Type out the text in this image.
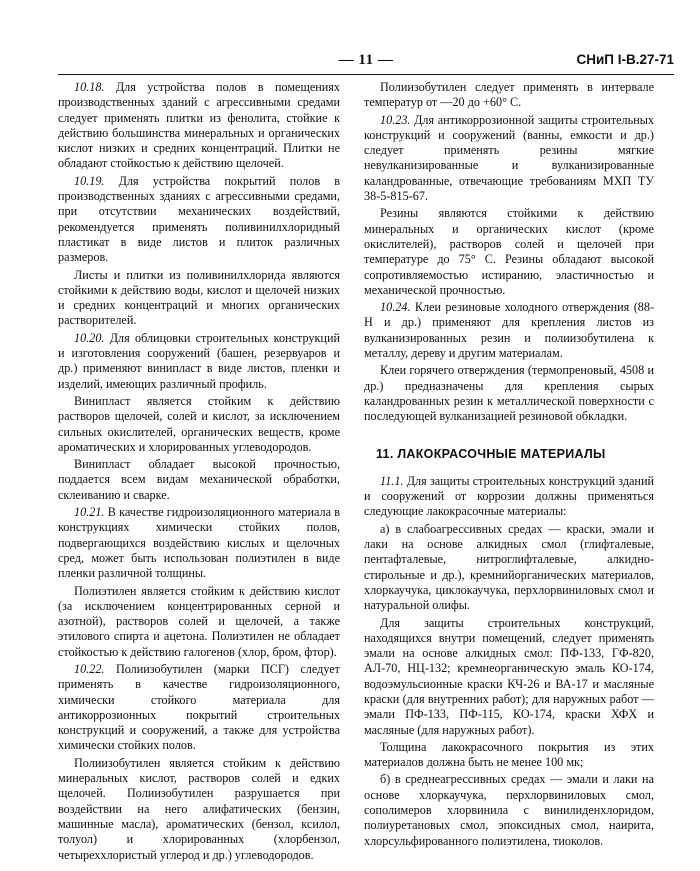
— 11 —	СНиП I-В.27-71

10.18. Для устройства полов в помещениях производственных зданий с агрессивными средами следует применять плитки из фенолита, стойкие к действию большинства минеральных и органических кислот низких и средних концентраций. Плитки не обладают стойкостью к действию щелочей.

10.19. Для устройства покрытий полов в производственных зданиях с агрессивными средами, при отсутствии механических воздействий, рекомендуется применять поливинилхлоридный пластикат в виде листов и плиток различных размеров.

Листы и плитки из поливинилхлорида являются стойкими к действию воды, кислот и щелочей низких и средних концентраций и многих органических растворителей.

10.20. Для облицовки строительных конструкций и изготовления сооружений (башен, резервуаров и др.) применяют винипласт в виде листов, пленки и изделий, имеющих различный профиль.

Винипласт является стойким к действию растворов щелочей, солей и кислот, за исключением сильных окислителей, органических веществ, кроме ароматических и хлорированных углеводородов.

Винипласт обладает высокой прочностью, поддается всем видам механической обработки, склеиванию и сварке.

10.21. В качестве гидроизоляционного материала в конструкциях химически стойких полов, подвергающихся воздействию кислых и щелочных сред, может быть использован полиэтилен в виде пленки различной толщины.

Полиэтилен является стойким к действию кислот (за исключением концентрированных серной и азотной), растворов солей и щелочей, а также этилового спирта и ацетона. Полиэтилен не обладает стойкостью к действию галогенов (хлор, бром, фтор).

10.22. Полиизобутилен (марки ПСГ) следует применять в качестве гидроизоляционного, химически стойкого материала для антикоррозионных покрытий строительных конструкций и сооружений, а также для устройства химически стойких полов.

Полиизобутилен является стойким к действию минеральных кислот, растворов солей и едких щелочей. Полиизобутилен разрушается при воздействии на него алифатических (бензин, машинные масла), ароматических (бензол, ксилол, толуол) и хлорированных (хлорбензол, четыреххлористый углерод и др.) углеводородов.

Полиизобутилен следует применять в интервале температур от —20 до +60° С.

10.23. Для антикоррозионной защиты строительных конструкций и сооружений (ванны, емкости и др.) следует применять резины мягкие невулканизированные и вулканизированные каландрованные, отвечающие требованиям МХП ТУ 38-5-815-67.

Резины являются стойкими к действию минеральных и органических кислот (кроме окислителей), растворов солей и щелочей при температуре до 75° С. Резины обладают высокой сопротивляемостью истиранию, эластичностью и механической прочностью.

10.24. Клеи резиновые холодного отверждения (88-Н и др.) применяют для крепления листов из вулканизированных резин и полиизобутилена к металлу, дереву и другим материалам.

Клеи горячего отверждения (термопреновый, 4508 и др.) предназначены для крепления сырых каландрованных резин к металлической поверхности с последующей вулканизацией резиновой обкладки.

11. ЛАКОКРАСОЧНЫЕ МАТЕРИАЛЫ

11.1. Для защиты строительных конструкций зданий и сооружений от коррозии должны применяться следующие лакокрасочные материалы:

а) в слабоагрессивных средах — краски, эмали и лаки на основе алкидных смол (глифталевые, пентафталевые, нитроглифталевые, алкидно-стирольные и др.), кремнийорганических материалов, хлоркаучука, циклокаучука, перхлорвиниловых смол и натуральной олифы.

Для защиты строительных конструкций, находящихся внутри помещений, следует применять эмали на основе алкидных смол: ПФ-133, ГФ-820, АЛ-70, НЦ-132; кремнеорганическую эмаль КО-174, водоэмульсионные краски КЧ-26 и ВА-17 и масляные краски (для внутренних работ); для наружных работ — эмали ПФ-133, ПФ-115, КО-174, краски ХФХ и масляные (для наружных работ).

Толщина лакокрасочного покрытия из этих материалов должна быть не менее 100 мк;

б) в среднеагрессивных средах — эмали и лаки на основе хлоркаучука, перхлорвиниловых смол, сополимеров хлорвинила с винилиденхлоридом, полиуретановых смол, эпоксидных смол, наирита, хлорсульфированного полиэтилена, тиоколов.
